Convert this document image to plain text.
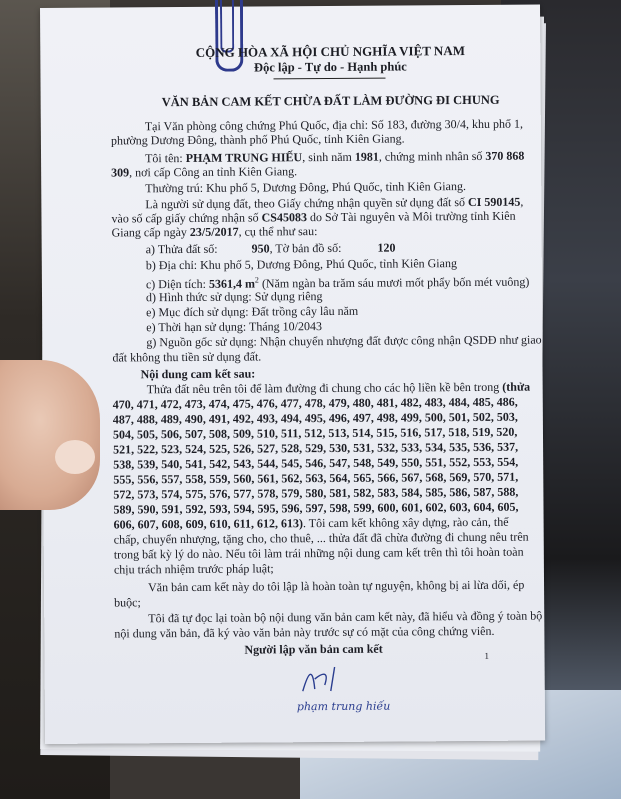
CỘNG HÒA XÃ HỘI CHỦ NGHĨA VIỆT NAM
Độc lập - Tự do - Hạnh phúc
VĂN BẢN CAM KẾT CHỪA ĐẤT LÀM ĐƯỜNG ĐI CHUNG
Tại Văn phòng công chứng Phú Quốc, địa chỉ: Số 183, đường 30/4, khu phố 1,
phường Dương Đông, thành phố Phú Quốc, tỉnh Kiên Giang.
Tôi tên: PHẠM TRUNG HIẾU, sinh năm 1981, chứng minh nhân số 370 868
309, nơi cấp Công an tỉnh Kiên Giang.
Thường trú: Khu phố 5, Dương Đông, Phú Quốc, tỉnh Kiên Giang.
Là người sử dụng đất, theo Giấy chứng nhận quyền sử dụng đất số CI 590145,
vào số cấp giấy chứng nhận số CS45083 do Sở Tài nguyên và Môi trường tỉnh Kiên
Giang cấp ngày 23/5/2017, cụ thể như sau:
a) Thửa đất số:	950, Tờ bản đồ số:	120
b) Địa chỉ: Khu phố 5, Dương Đông, Phú Quốc, tỉnh Kiên Giang
c) Diện tích: 5361,4 $m^2$ (Năm ngàn ba trăm sáu mươi mốt phẩy bốn mét vuông)
d) Hình thức sử dụng: Sử dụng riêng
e) Mục đích sử dụng: Đất trồng cây lâu năm
e) Thời hạn sử dụng: Tháng 10/2043
g) Nguồn gốc sử dụng: Nhận chuyển nhượng đất được công nhận QSDĐ như giao
đất không thu tiền sử dụng đất.
Nội dung cam kết sau:
Thửa đất nêu trên tôi để làm đường đi chung cho các hộ liền kề bên trong (thửa
470, 471, 472, 473, 474, 475, 476, 477, 478, 479, 480, 481, 482, 483, 484, 485, 486,
487, 488, 489, 490, 491, 492, 493, 494, 495, 496, 497, 498, 499, 500, 501, 502, 503,
504, 505, 506, 507, 508, 509, 510, 511, 512, 513, 514, 515, 516, 517, 518, 519, 520,
521, 522, 523, 524, 525, 526, 527, 528, 529, 530, 531, 532, 533, 534, 535, 536, 537,
538, 539, 540, 541, 542, 543, 544, 545, 546, 547, 548, 549, 550, 551, 552, 553, 554,
555, 556, 557, 558, 559, 560, 561, 562, 563, 564, 565, 566, 567, 568, 569, 570, 571,
572, 573, 574, 575, 576, 577, 578, 579, 580, 581, 582, 583, 584, 585, 586, 587, 588,
589, 590, 591, 592, 593, 594, 595, 596, 597, 598, 599, 600, 601, 602, 603, 604, 605,
606, 607, 608, 609, 610, 611, 612, 613). Tôi cam kết không xây dựng, rào cản, thế
chấp, chuyển nhượng, tặng cho, cho thuê, ... thửa đất đã chừa đường đi chung nêu trên
trong bất kỳ lý do nào. Nếu tôi làm trái những nội dung cam kết trên thì tôi hoàn toàn
chịu trách nhiệm trước pháp luật;
Văn bản cam kết này do tôi lập là hoàn toàn tự nguyện, không bị ai lừa dối, ép
buộc;
Tôi đã tự đọc lại toàn bộ nội dung văn bản cam kết này, đã hiểu và đồng ý toàn bộ
nội dung văn bản, đã ký vào văn bản này trước sự có mặt của công chứng viên.
Người lập văn bản cam kết
phạm trung hiếu
1
